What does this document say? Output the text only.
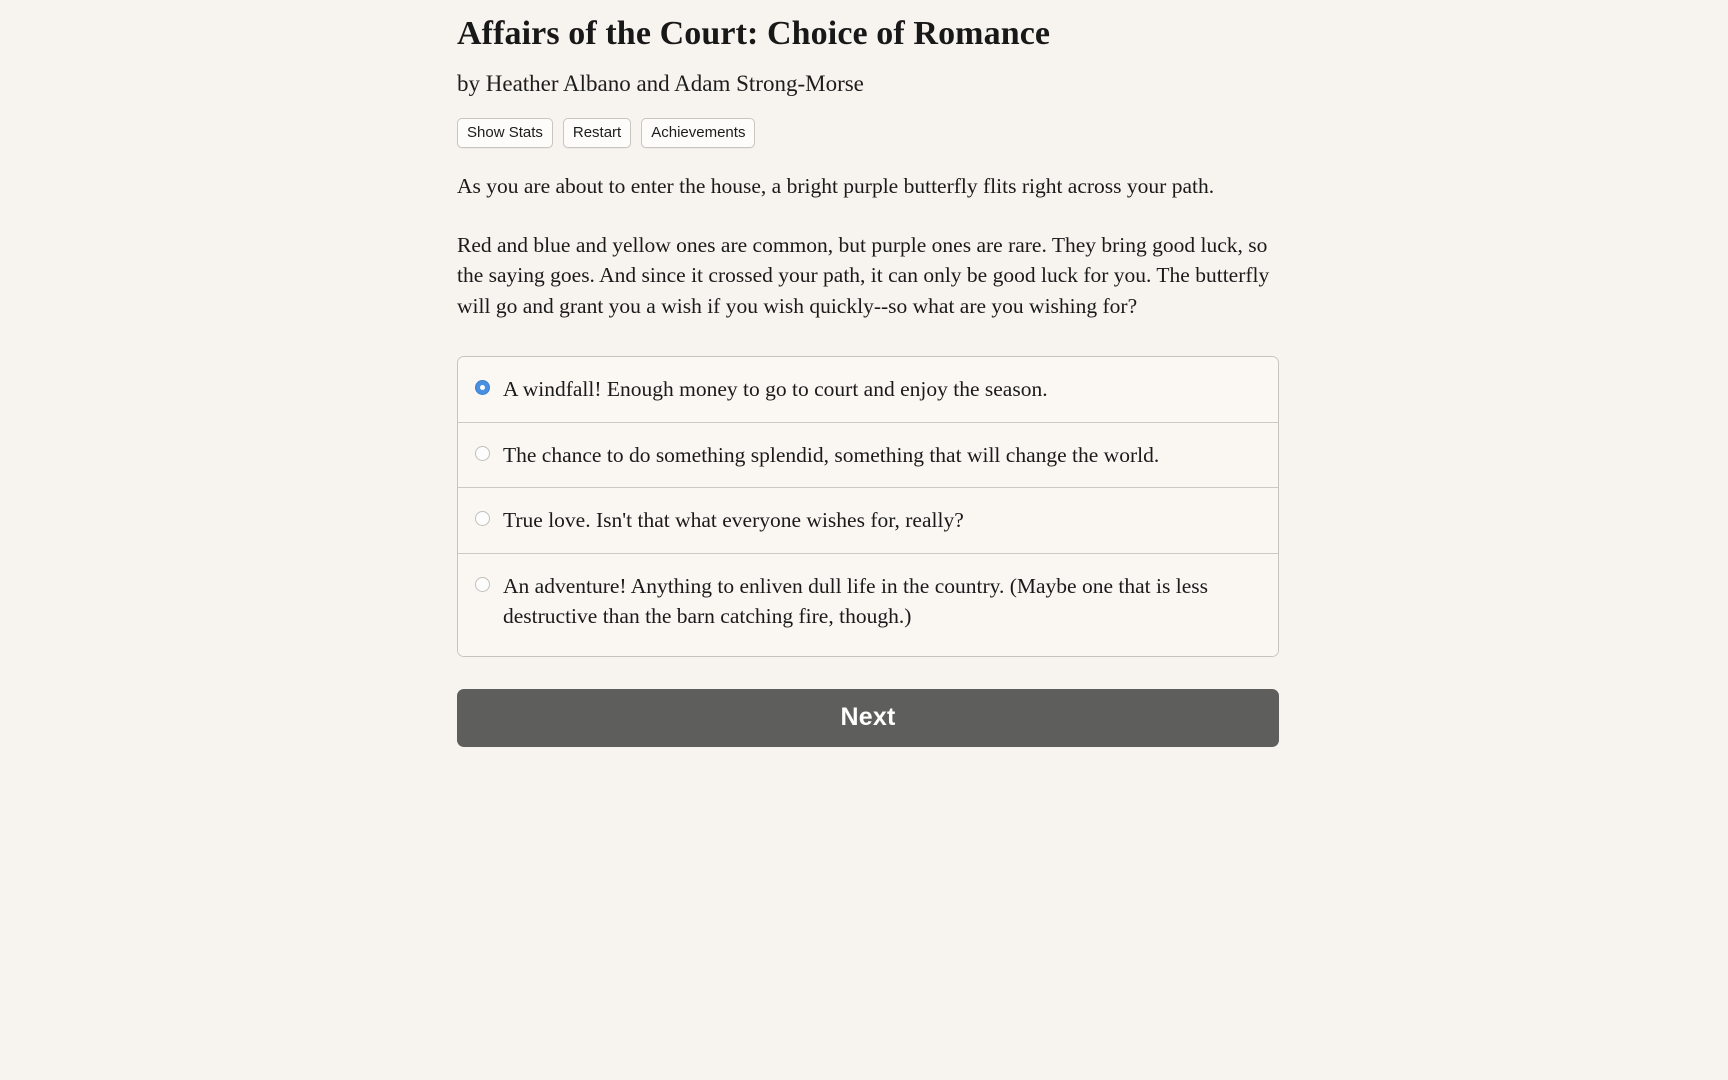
Affairs of the Court: Choice of Romance

by Heather Albano and Adam Strong-Morse

Show Stats	Restart	Achievements

As you are about to enter the house, a bright purple butterfly flits right across your path.

Red and blue and yellow ones are common, but purple ones are rare. They bring good luck, so the saying goes. And since it crossed your path, it can only be good luck for you. The butterfly will go and grant you a wish if you wish quickly--so what are you wishing for?

A windfall! Enough money to go to court and enjoy the season.
The chance to do something splendid, something that will change the world.
True love. Isn't that what everyone wishes for, really?
An adventure! Anything to enliven dull life in the country. (Maybe one that is less destructive than the barn catching fire, though.)
Next
